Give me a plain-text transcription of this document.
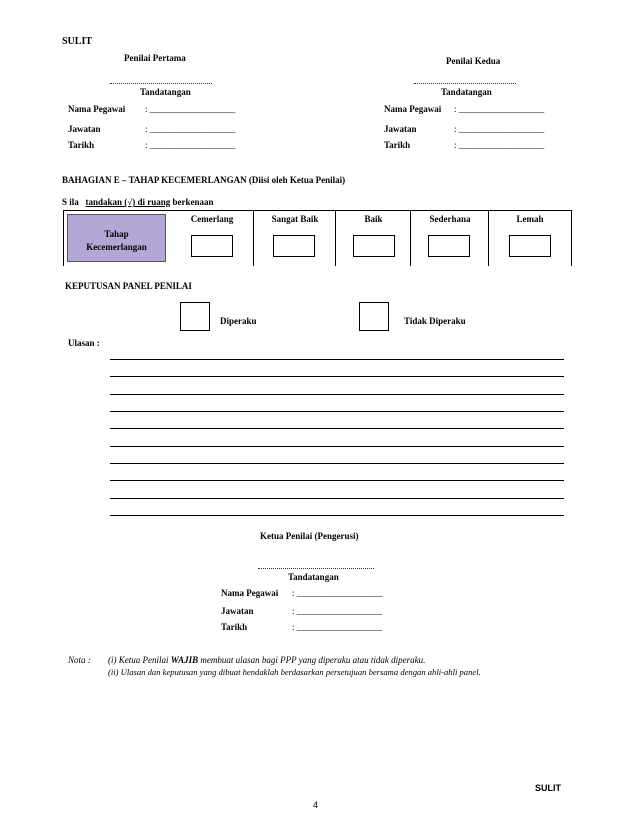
SULIT
Penilai Pertama
Tandatangan
Nama Pegawai : ___________________
Jawatan	: ___________________
Tarikh	: ___________________
Penilai Kedua
Tandatangan
Nama Pegawai : ___________________
Jawatan	: ___________________
Tarikh	: ___________________
BAHAGIAN E – TAHAP KECEMERLANGAN (Diisi oleh Ketua Penilai)
S ila tandakan (√) di ruang berkenaan
Tahap
Kecemerlangan
Cemerlang	Sangat Baik	Baik	Sederhana	Lemah
KEPUTUSAN PANEL PENILAI
Diperaku	Tidak Diperaku
Ulasan :
Ketua Penilai (Pengerusi)
Tandatangan
Nama Pegawai : ___________________
Jawatan	: ___________________
Tarikh	: ___________________
Nota : (i) Ketua Penilai WAJIB membuat ulasan bagi PPP yang diperaku atau tidak diperaku.
(ii) Ulasan dan keputusan yang dibuat hendaklah berdasarkan persetujuan bersama dengan ahli-ahli panel.
SULIT
4
